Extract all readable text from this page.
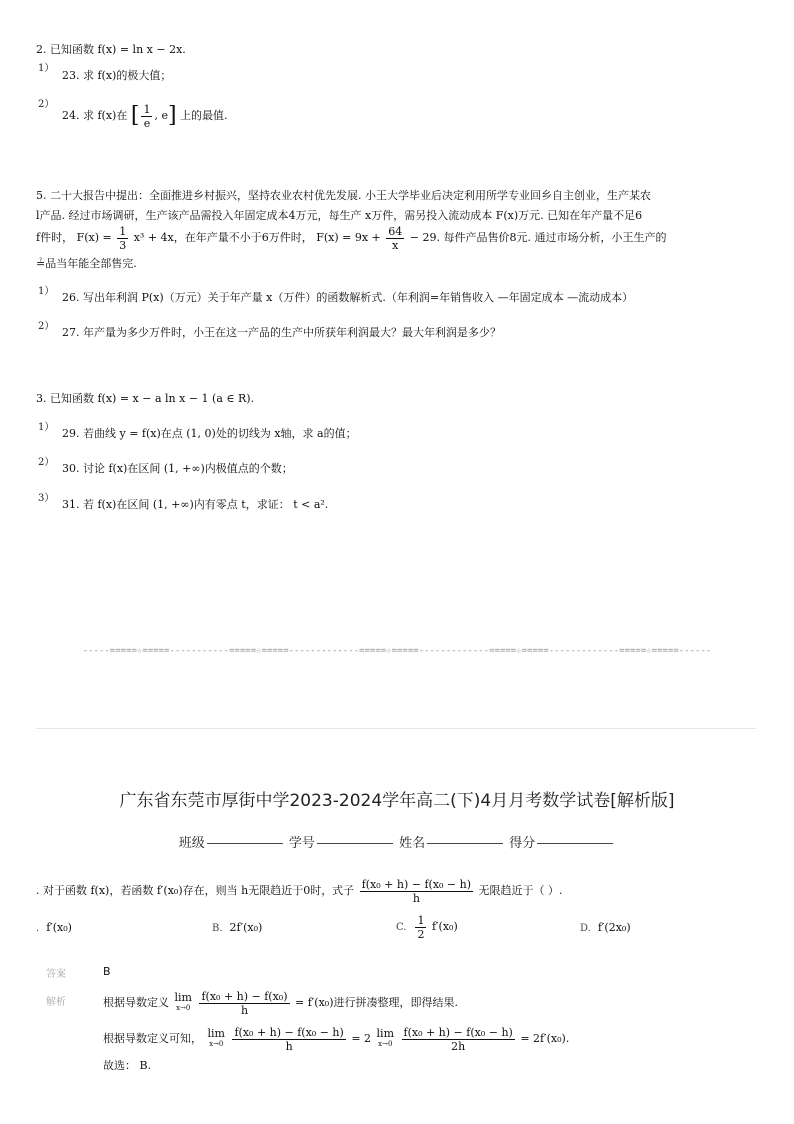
2. 已知函数 f(x) = ln x − 2x.
1）
23. 求 f(x)的极大值；
2）
24. 求 f(x)在 [ $\frac{1}{e}$ , e] 上的最值.
5. 二十大报告中提出：全面推进乡村振兴，坚持农业农村优先发展. 小王大学毕业后决定利用所学专业回乡自主创业，生产某农
l产品. 经过市场调研，生产该产品需投入年固定成本4万元，每生产 x万件，需另投入流动成本 F(x)万元. 已知在年产量不足6
f件时， $F(x) = \frac{1}{3} x^3 + 4x$，在年产量不小于6万件时， $F(x) = 9x + \frac{64}{x} - 29$. 每件产品售价8元. 通过市场分析，小王生产的
≟品当年能全部售完.
1） 26. 写出年利润 P(x)（万元）关于年产量 x（万件）的函数解析式.（年利润=年销售收入 —年固定成本 —流动成本）
2） 27. 年产量为多少万件时，小王在这一产品的生产中所获年利润最大？最大年利润是多少？
3. 已知函数 f(x) = x − a ln x − 1 (a ∈ R).
1） 29. 若曲线 y = f(x)在点 (1, 0)处的切线为 x轴，求 a的值；
2） 30. 讨论 f(x)在区间 (1, +∞)内极值点的个数；
3） 31. 若 f(x)在区间 (1, +∞)内有零点 t，求证： t < a².
-----=====☆=====-----------=====☆=====-------------=====☆=====-------------=====☆=====-------------=====☆=====------
广东省东莞市厚街中学2023-2024学年高二(下)4月月考数学试卷[解析版]
班级	学号	姓名	得分
. 对于函数 f(x)，若函数 f′(x₀)存在，则当 h无限趋近于0时，式子 $\frac{\text{f(x₀ + h) − f(x₀ − h)}}{h}$ 无限趋近于（ ）.
. f′(x₀)	B. 2f′(x₀)	C. $\frac{1}{2} f'(x_0)$	D. f′(2x₀)
答案	B
解析	根据导数定义 lim
x→0
$\frac{\text{f(x₀ + h) − f(x₀)}}{h} = f'(x_0)$进行拼凑整理，即得结果.
根据导数定义可知， lim
x→0
$\frac{\text{f(x₀ + h) − f(x₀ − h)}}{h} = 2$ lim
x→0
$\frac{\text{f(x₀ + h) − f(x₀ − h)}}{2h} = 2f'(x_0)$.
故选： B.
